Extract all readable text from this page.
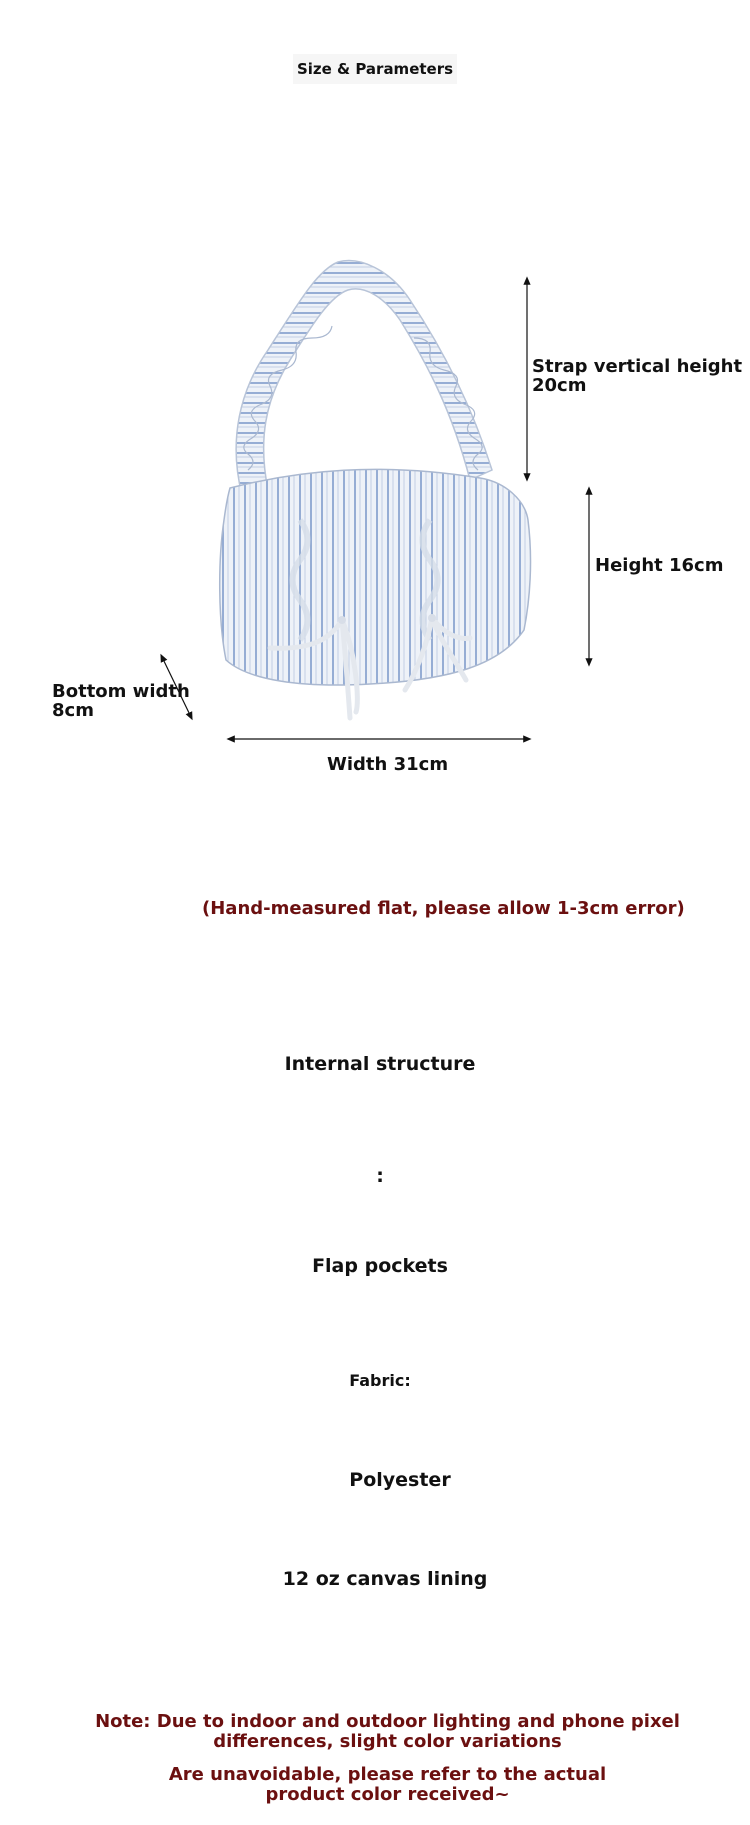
Size & Parameters
Strap vertical height
20cm
Height 16cm
Bottom width
8cm
Width 31cm
(Hand-measured flat, please allow 1-3cm error)
Internal structure
:
Flap pockets
Fabric:
Polyester
12 oz canvas lining
Note: Due to indoor and outdoor lighting and phone pixel
differences, slight color variations
Are unavoidable, please refer to the actual
product color received~
